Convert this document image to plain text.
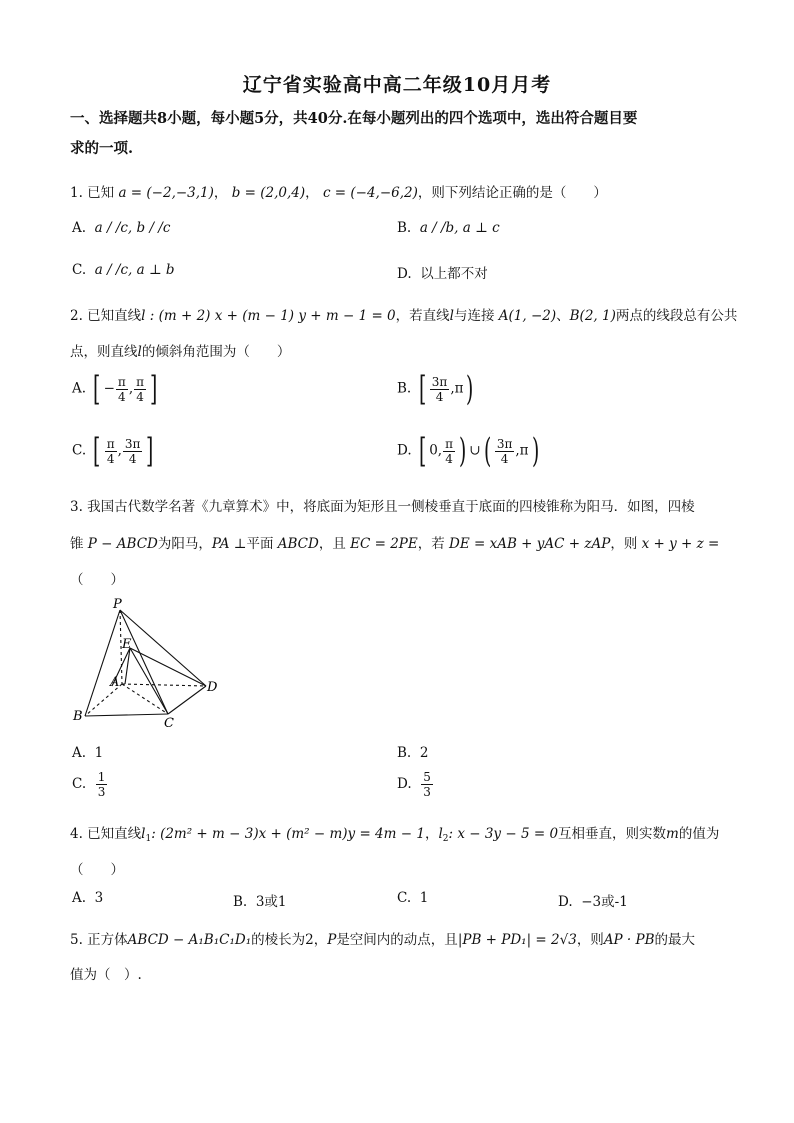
辽宁省实验高中高二年级10月月考
一、选择题共8小题，每小题5分，共40分.在每小题列出的四个选项中，选出符合题目要
求的一项.
1. 已知 a = (−2,−3,1)， b = (2,0,4)， c = (−4,−6,2)，则下列结论正确的是（　　）
A. a / /c, b / /c	B. a / /b, a ⊥ c
C. a / /c, a ⊥ b	D. 以上都不对
2. 已知直线l : (m + 2) x + (m − 1) y + m − 1 = 0，若直线l与连接 A(1, −2)、B(2, 1)两点的线段总有公共
点，则直线l的倾斜角范围为（　　）
A. [ − $\frac{\pi}{4}$ , $\frac{\pi}{4}$ ]	B. [ $\frac{3\pi}{4} ,\pi$)
C. [ $\frac{\pi}{4}$ , $\frac{3\pi}{4}$ ]	D. [ 0, $\frac{\pi}{4}$ ) ∪( $\frac{3\pi}{4} ,\pi$)
3. 我国古代数学名著《九章算术》中，将底面为矩形且一侧棱垂直于底面的四棱锥称为阳马．如图，四棱
锥 P − ABCD为阳马，PA ⊥平面 ABCD，且 EC = 2PE，若 DE = xAB + yAC + zAP，则 x + y + z =
（　　）
P
E
A	D
B	C
A. 1	B. 2
C. $\frac{1}{3}$	D. $\frac{5}{3}$
4. 已知直线$l_1$: (2m² + m − 3)x + (m² − m)y = 4m − 1，$l_2$: x − 3y − 5 = 0互相垂直，则实数m的值为
（　　）
A. 3	B. 3或1	C. 1	D. −3或-1
5. 正方体ABCD − A₁B₁C₁D₁的棱长为2，P是空间内的动点，且|PB + PD₁| = 2√3，则AP · PB的最大
值为（　）.
